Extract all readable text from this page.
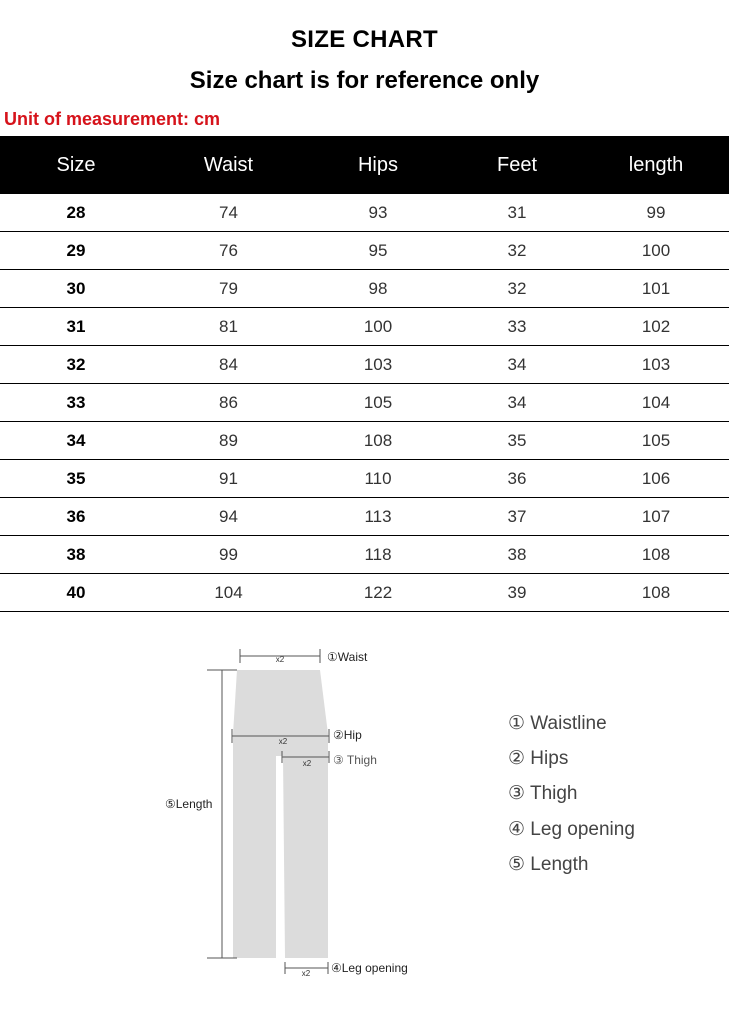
SIZE CHART
Size chart is for reference only
Unit of measurement: cm
Size	Waist	Hips	Feet	length
28	74	93	31	99
29	76	95	32	100
30	79	98	32	101
31	81	100	33	102
32	84	103	34	103
33	86	105	34	104
34	89	108	35	105
35	91	110	36	106
36	94	113	37	107
38	99	118	38	108
40	104	122	39	108
x2	①Waist
x2	②Hip
x2 ③ Thigh
⑤Length
x2 ④Leg opening
① Waistline
② Hips
③ Thigh
④ Leg opening
⑤ Length
